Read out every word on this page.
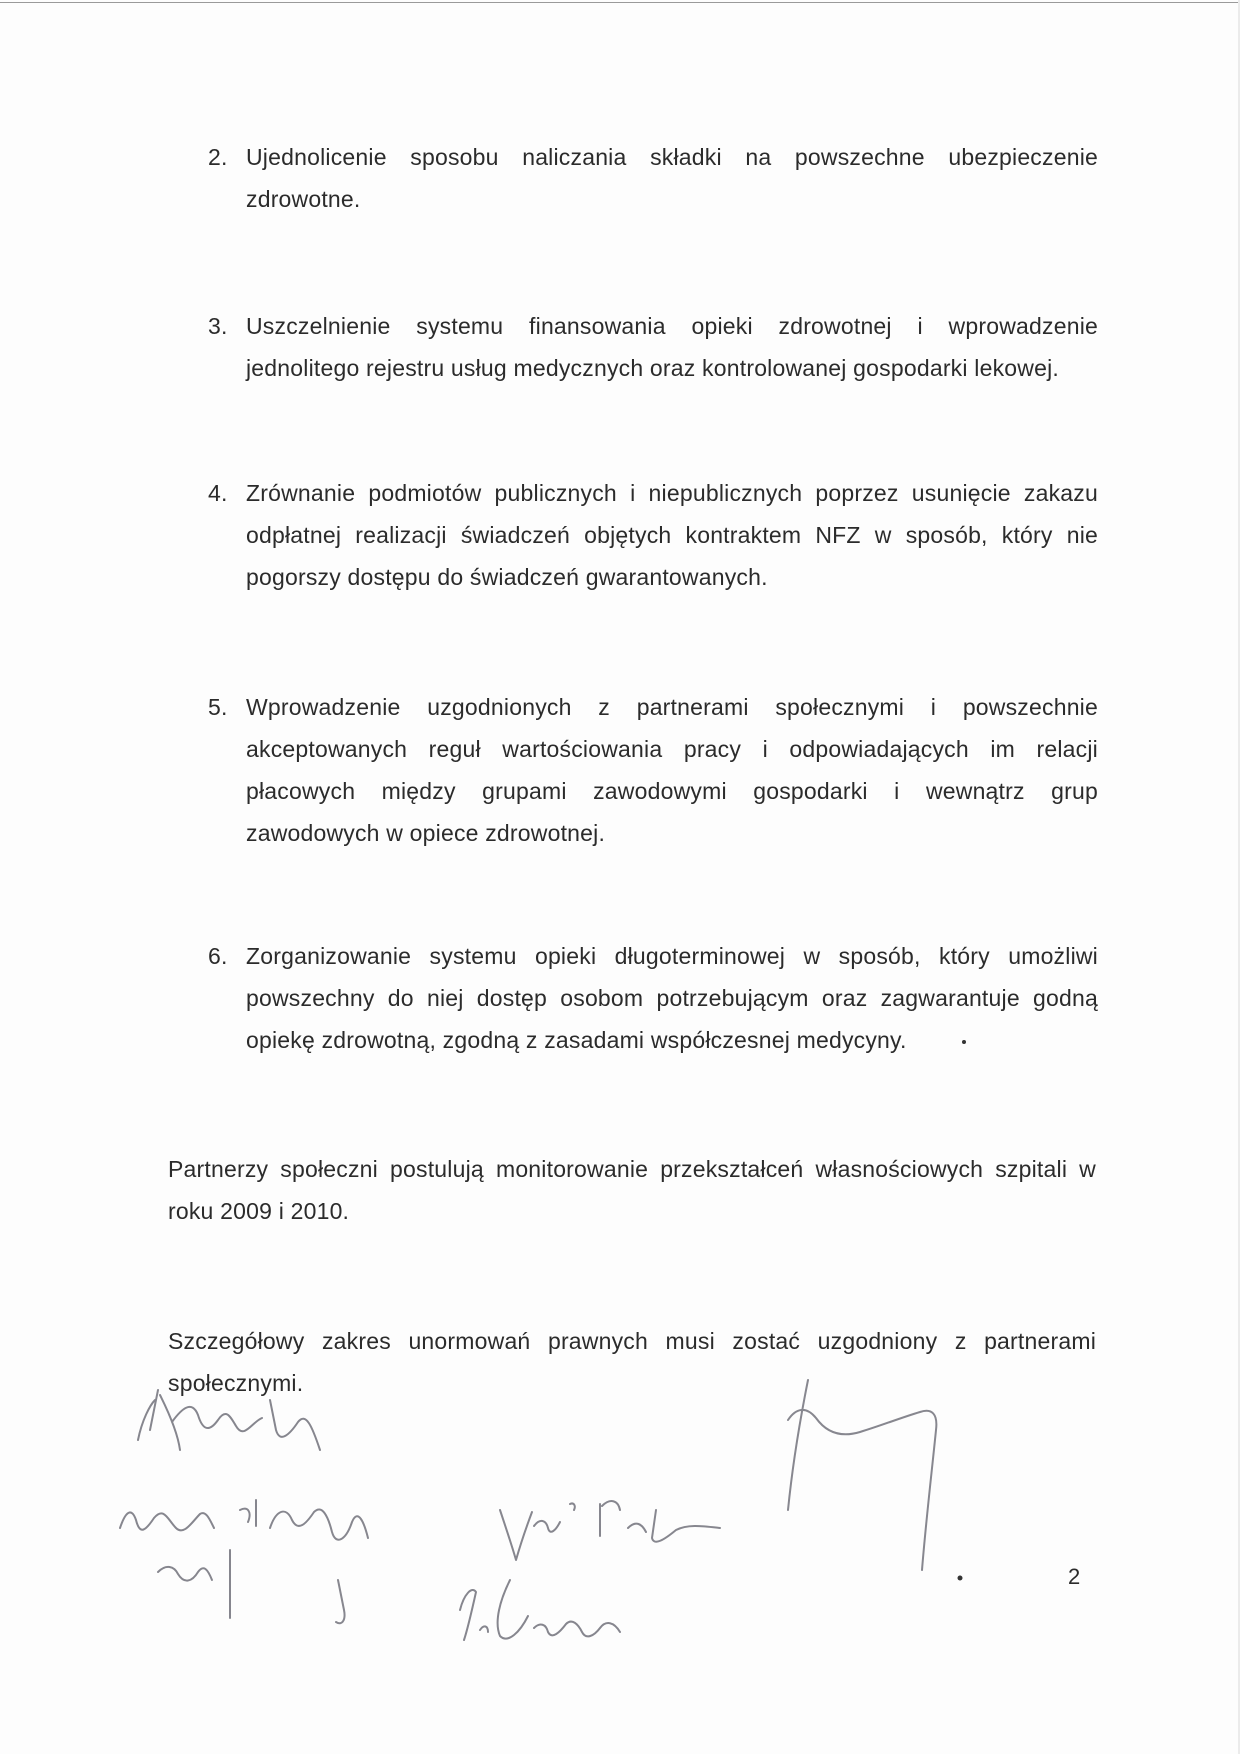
2. Ujednolicenie sposobu naliczania składki na powszechne ubezpieczenie zdrowotne.
3. Uszczelnienie systemu finansowania opieki zdrowotnej i wprowadzenie jednolitego rejestru usług medycznych oraz kontrolowanej gospodarki lekowej.
4. Zrównanie podmiotów publicznych i niepublicznych poprzez usunięcie zakazu odpłatnej realizacji świadczeń objętych kontraktem NFZ w sposób, który nie pogorszy dostępu do świadczeń gwarantowanych.
5. Wprowadzenie uzgodnionych z partnerami społecznymi i powszechnie akceptowanych reguł wartościowania pracy i odpowiadających im relacji płacowych między grupami zawodowymi gospodarki i wewnątrz grup zawodowych w opiece zdrowotnej.
6. Zorganizowanie systemu opieki długoterminowej w sposób, który umożliwi powszechny do niej dostęp osobom potrzebującym oraz zagwarantuje godną opiekę zdrowotną, zgodną z zasadami współczesnej medycyny.
Partnerzy społeczni postulują monitorowanie przekształceń własnościowych szpitali w roku 2009 i 2010.
Szczegółowy zakres unormowań prawnych musi zostać uzgodniony z partnerami społecznymi.
2
